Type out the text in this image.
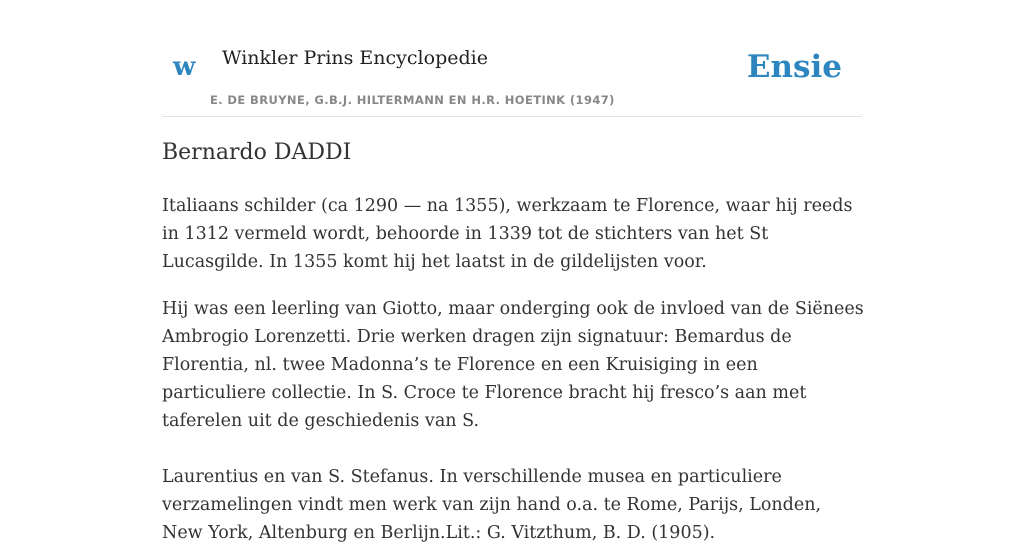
w Winkler Prins Encyclopedie
E. DE BRUYNE, G.B.J. HILTERMANN EN H.R. HOETINK (1947)
Ensie
Bernardo DADDI

Italiaans schilder (ca 1290 — na 1355), werkzaam te Florence, waar hij reeds in 1312 vermeld wordt, behoorde in 1339 tot de stichters van het St Lucasgilde. In 1355 komt hij het laatst in de gildelijsten voor.

Hij was een leerling van Giotto, maar onderging ook de invloed van de Siënees Ambrogio Lorenzetti. Drie werken dragen zijn signatuur: Bemardus de Florentia, nl. twee Madonna’s te Florence en een Kruisiging in een particuliere collectie. In S. Croce te Florence bracht hij fresco’s aan met taferelen uit de geschiedenis van S.

Laurentius en van S. Stefanus. In verschillende musea en particuliere verzamelingen vindt men werk van zijn hand o.a. te Rome, Parijs, Londen, New York, Altenburg en Berlijn.Lit.: G. Vitzthum, B. D. (1905).
